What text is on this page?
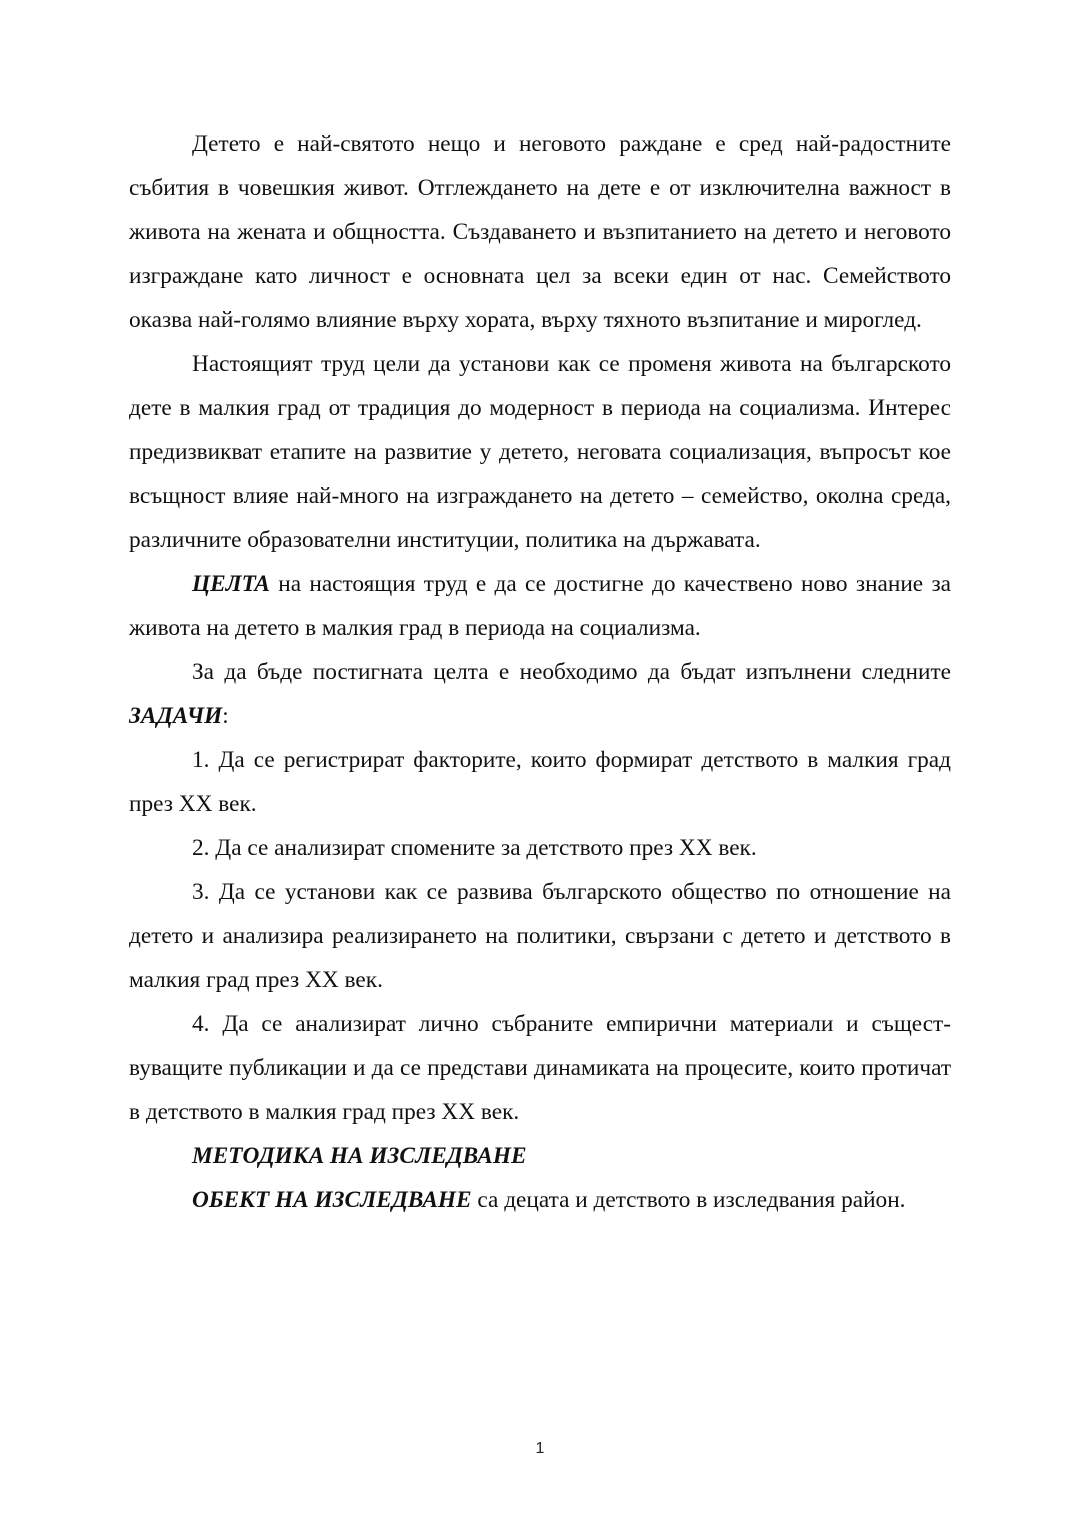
Детето е най-святото нещо и неговото раждане е сред най-радостните събития в човешкия живот. Отглеждането на дете е от изключителна важност в живота на жената и общността. Създаването и възпитанието на детето и неговото изграждане като личност е основната цел за всеки един от нас. Семейството оказва най-голямо влияние върху хората, върху тяхното възпитание и мироглед.

Настоящият труд цели да установи как се променя живота на българското дете в малкия град от традиция до модерност в периода на социализма. Интерес предизвикват етапите на развитие у детето, неговата социализация, въпросът кое всъщност влияе най-много на изграждането на детето – семейство, околна среда, различните образователни институции, политика на държавата.

ЦЕЛТА на настоящия труд е да се достигне до качествено ново знание за живота на детето в малкия град в периода на социализма.

За да бъде постигната целта е необходимо да бъдат изпълнени следните ЗАДАЧИ:

1. Да се регистрират факторите, които формират детството в малкия град през XX век.

2. Да се анализират спомените за детството през XX век.

3. Да се установи как се развива българското общество по отношение на детето и анализира реализирането на политики, свързани с детето и детството в малкия град през XX век.

4. Да се анализират лично събраните емпирични материали и съществуващите публикации и да се представи динамиката на процесите, които протичат в детството в малкия град през XX век.

МЕТОДИКА НА ИЗСЛЕДВАНЕ

ОБЕКТ НА ИЗСЛЕДВАНЕ са децата и детството в изследвания район.

1
